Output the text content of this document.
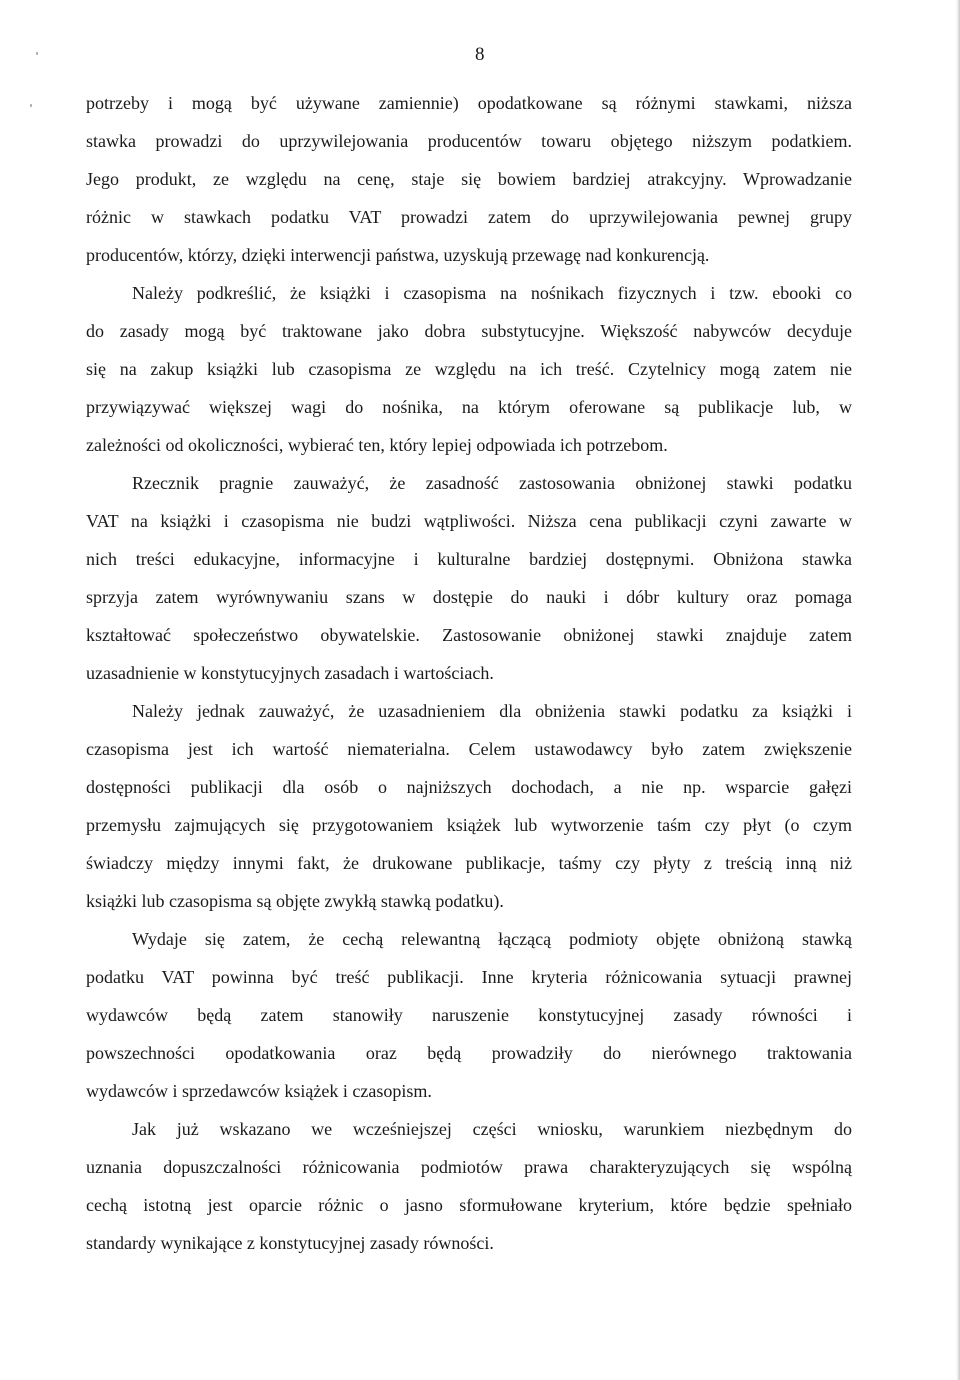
8
potrzeby i mogą być używane zamiennie) opodatkowane są różnymi stawkami, niższa
stawka prowadzi do uprzywilejowania producentów towaru objętego niższym podatkiem.
Jego produkt, ze względu na cenę, staje się bowiem bardziej atrakcyjny. Wprowadzanie
różnic w stawkach podatku VAT prowadzi zatem do uprzywilejowania pewnej grupy
producentów, którzy, dzięki interwencji państwa, uzyskują przewagę nad konkurencją.
Należy podkreślić, że książki i czasopisma na nośnikach fizycznych i tzw. ebooki co
do zasady mogą być traktowane jako dobra substytucyjne. Większość nabywców decyduje
się na zakup książki lub czasopisma ze względu na ich treść. Czytelnicy mogą zatem nie
przywiązywać większej wagi do nośnika, na którym oferowane są publikacje lub, w
zależności od okoliczności, wybierać ten, który lepiej odpowiada ich potrzebom.
Rzecznik pragnie zauważyć, że zasadność zastosowania obniżonej stawki podatku
VAT na książki i czasopisma nie budzi wątpliwości. Niższa cena publikacji czyni zawarte w
nich treści edukacyjne, informacyjne i kulturalne bardziej dostępnymi. Obniżona stawka
sprzyja zatem wyrównywaniu szans w dostępie do nauki i dóbr kultury oraz pomaga
kształtować społeczeństwo obywatelskie. Zastosowanie obniżonej stawki znajduje zatem
uzasadnienie w konstytucyjnych zasadach i wartościach.
Należy jednak zauważyć, że uzasadnieniem dla obniżenia stawki podatku za książki i
czasopisma jest ich wartość niematerialna. Celem ustawodawcy było zatem zwiększenie
dostępności publikacji dla osób o najniższych dochodach, a nie np. wsparcie gałęzi
przemysłu zajmujących się przygotowaniem książek lub wytworzenie taśm czy płyt (o czym
świadczy między innymi fakt, że drukowane publikacje, taśmy czy płyty z treścią inną niż
książki lub czasopisma są objęte zwykłą stawką podatku).
Wydaje się zatem, że cechą relewantną łączącą podmioty objęte obniżoną stawką
podatku VAT powinna być treść publikacji. Inne kryteria różnicowania sytuacji prawnej
wydawców będą zatem stanowiły naruszenie konstytucyjnej zasady równości i
powszechności opodatkowania oraz będą prowadziły do nierównego traktowania
wydawców i sprzedawców książek i czasopism.
Jak już wskazano we wcześniejszej części wniosku, warunkiem niezbędnym do
uznania dopuszczalności różnicowania podmiotów prawa charakteryzujących się wspólną
cechą istotną jest oparcie różnic o jasno sformułowane kryterium, które będzie spełniało
standardy wynikające z konstytucyjnej zasady równości.
